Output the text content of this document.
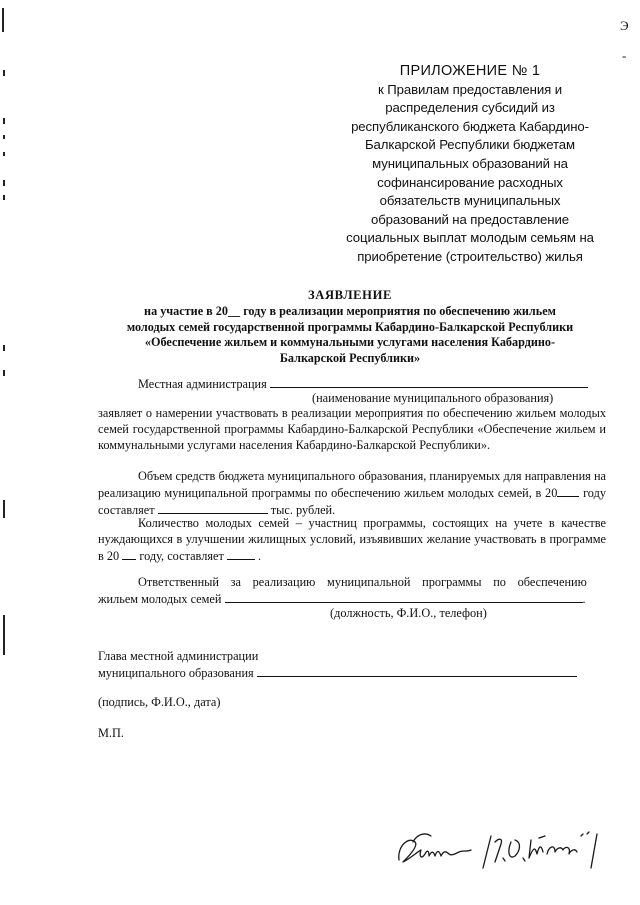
Э
-
ПРИЛОЖЕНИЕ № 1
к Правилам предоставления и
распределения субсидий из
республиканского бюджета Кабардино-
Балкарской Республики бюджетам
муниципальных образований на
софинансирование расходных
обязательств муниципальных
образований на предоставление
социальных выплат молодым семьям на
приобретение (строительство) жилья
ЗАЯВЛЕНИЕ
на участие в 20__ году в реализации мероприятия по обеспечению жильем
молодых семей государственной программы Кабардино-Балкарской Республики
«Обеспечение жильем и коммунальными услугами населения Кабардино-
Балкарской Республики»
Местная администрация
(наименование муниципального образования)
заявляет о намерении участвовать в реализации мероприятия по обеспечению жильем молодых семей государственной программы Кабардино-Балкарской Республики «Обеспечение жильем и коммунальными услугами населения Кабардино-Балкарской Республики».
Объем средств бюджета муниципального образования, планируемых для направления на реализацию муниципальной программы по обеспечению жильем молодых семей, в 20 году составляет	тыс. рублей.
Количество молодых семей – участниц программы, состоящих на учете в качестве нуждающихся в улучшении жилищных условий, изъявивших желание участвовать в программе в 20 году, составляет	.
Ответственный за реализацию муниципальной программы по обеспечению
жильем молодых семей	.
(должность, Ф.И.О., телефон)
Глава местной администрации
муниципального образования
(подпись, Ф.И.О., дата)
М.П.
